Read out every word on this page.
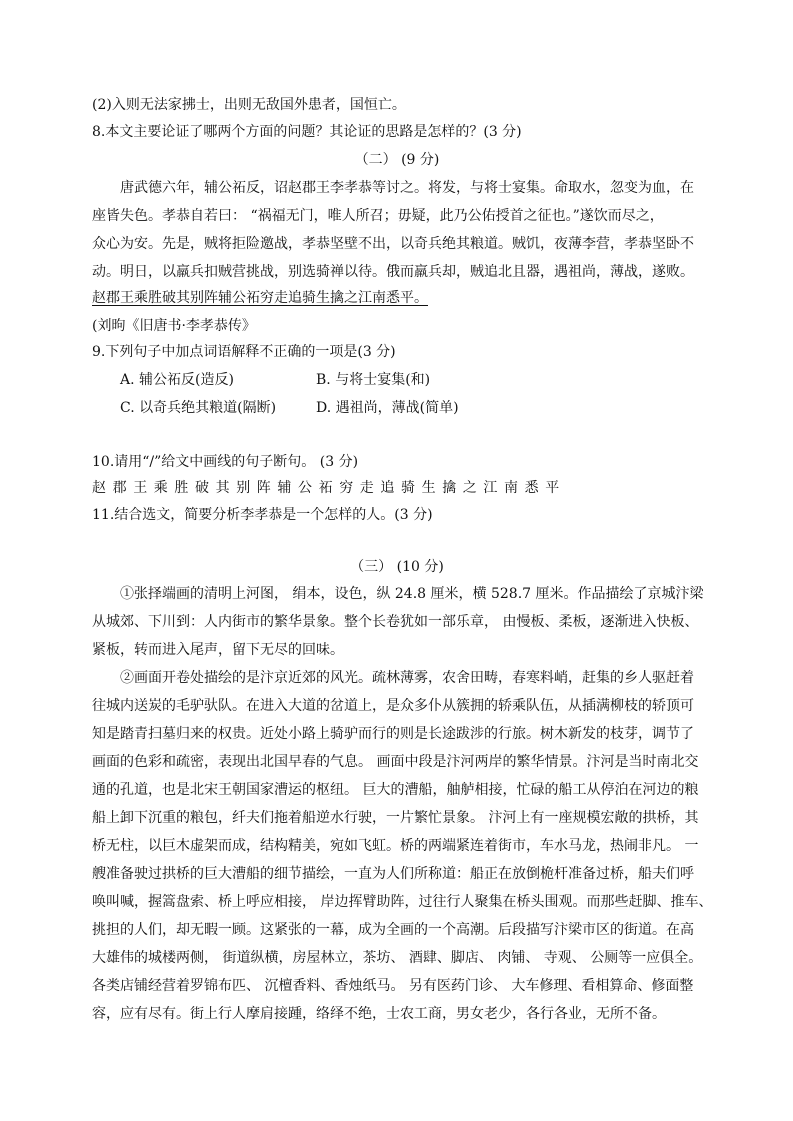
(2)入则无法家拂士，出则无敌国外患者，国恒亡。
8.本文主要论证了哪两个方面的问题？其论证的思路是怎样的？(3 分)
（二） (9 分)
唐武德六年，辅公祏反，诏赵郡王李孝恭等讨之。将发，与将士宴集。命取水，忽变为血，在
座皆失色。孝恭自若曰： “祸福无门，唯人所召；毋疑，此乃公佑授首之征也。”遂饮而尽之，
众心为安。先是，贼将拒险邀战，孝恭坚壁不出，以奇兵绝其粮道。贼饥，夜薄李营，孝恭坚卧不
动。明日，以羸兵扣贼营挑战，别选骑禅以待。俄而羸兵却，贼追北且器，遇祖尚，薄战，遂败。
赵郡王乘胜破其别阵辅公祏穷走追骑生擒之江南悉平。
(刘昫《旧唐书·李孝恭传》
9.下列句子中加点词语解释不正确的一项是(3 分)
A. 辅公祏反(造反)	B. 与将士宴集(和)
C. 以奇兵绝其粮道(隔断)	D. 遇祖尚，薄战(简单)
10.请用“/”给文中画线的句子断句。 (3 分)
赵郡王乘胜破其别阵辅公祏穷走追骑生擒之江南悉平
11.结合选文，简要分析李孝恭是一个怎样的人。(3 分)
（三） (10 分)
①张择端画的清明上河图， 绢本，设色，纵 24.8 厘米，横 528.7 厘米。作品描绘了京城汴梁
从城郊、下川到：人内街市的繁华景象。整个长卷犹如一部乐章， 由慢板、柔板，逐渐进入快板、
紧板，转而进入尾声，留下无尽的回味。
②画面开卷处描绘的是汴京近郊的风光。疏林薄雾，农舍田畴，春寒料峭，赶集的乡人驱赶着
往城内送炭的毛驴驮队。在进入大道的岔道上，是众多仆从簇拥的轿乘队伍，从插满柳枝的轿顶可
知是踏青扫墓归来的权贵。近处小路上骑驴而行的则是长途跋涉的行旅。树木新发的枝芽，调节了
画面的色彩和疏密，表现出北国早春的气息。 画面中段是汴河两岸的繁华情景。汴河是当时南北交
通的孔道，也是北宋王朝国家漕运的枢纽。 巨大的漕船，舳舻相接，忙碌的船工从停泊在河边的粮
船上卸下沉重的粮包，纤夫们拖着船逆水行驶，一片繁忙景象。 汴河上有一座规模宏敞的拱桥，其
桥无柱，以巨木虚架而成，结构精美，宛如飞虹。桥的两端紧连着街市，车水马龙，热闹非凡。 一
艘准备驶过拱桥的巨大漕船的细节描绘，一直为人们所称道：船正在放倒桅杆准备过桥，船夫们呼
唤叫喊，握篙盘索、桥上呼应相接， 岸边挥臂助阵，过往行人聚集在桥头围观。而那些赶脚、推车、
挑担的人们，却无暇一顾。这紧张的一幕，成为全画的一个高潮。后段描写汴梁市区的街道。在高
大雄伟的城楼两侧， 街道纵横，房屋林立，茶坊、 酒肆、脚店、 肉铺、 寺观、 公厕等一应俱全。
各类店铺经营着罗锦布匹、 沉檀香料、香烛纸马。 另有医药门诊、 大车修理、看相算命、修面整
容，应有尽有。街上行人摩肩接踵，络绎不绝，士农工商，男女老少，各行各业，无所不备。
